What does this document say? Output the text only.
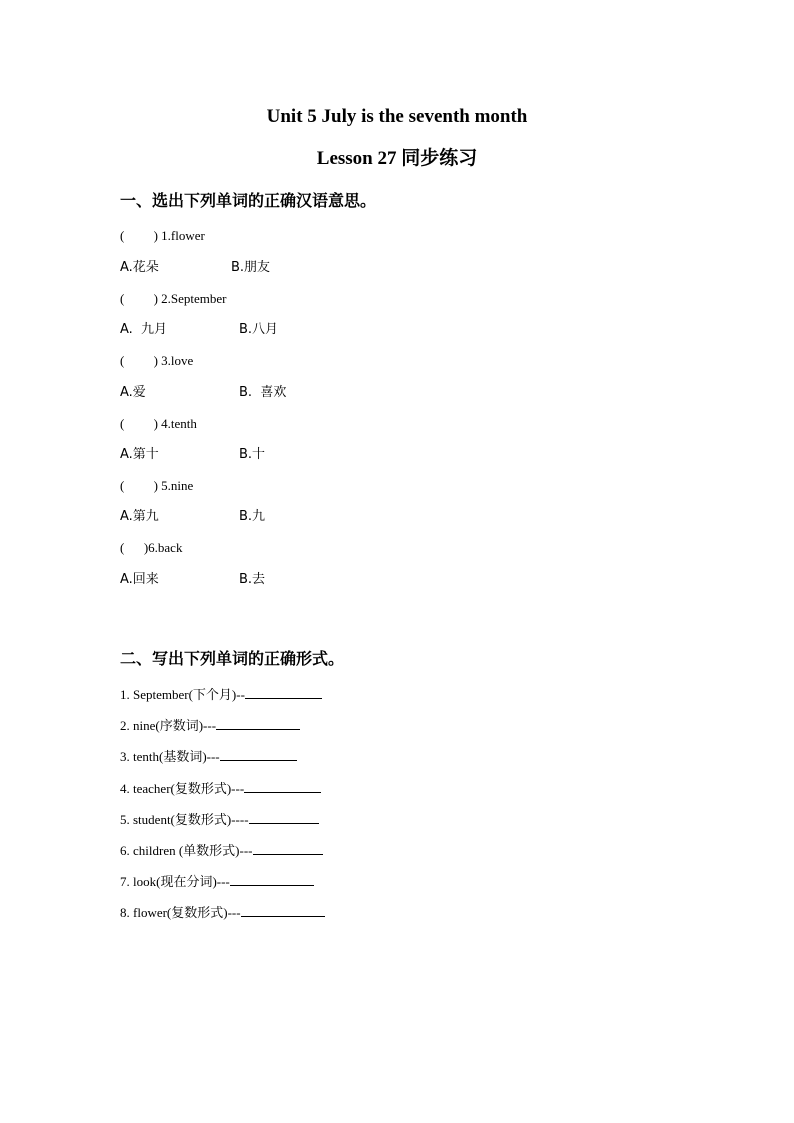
Unit 5 July is the seventh month
Lesson 27 同步练习
一、选出下列单词的正确汉语意思。
(         ) 1.flower
A.花朵	B.朋友
(         ) 2.September
A.  九月	B.八月
(         ) 3.love
A.爱	B.  喜欢
(         ) 4.tenth
A.第十	B.十
(         ) 5.nine
A.第九	B.九
(      )6.back
A.回来	B.去
二、写出下列单词的正确形式。
1. September(下个月)--
2. nine(序数词)---
3. tenth(基数词)---
4. teacher(复数形式)---
5. student(复数形式)----
6. children (单数形式)---
7. look(现在分词)---
8. flower(复数形式)---
